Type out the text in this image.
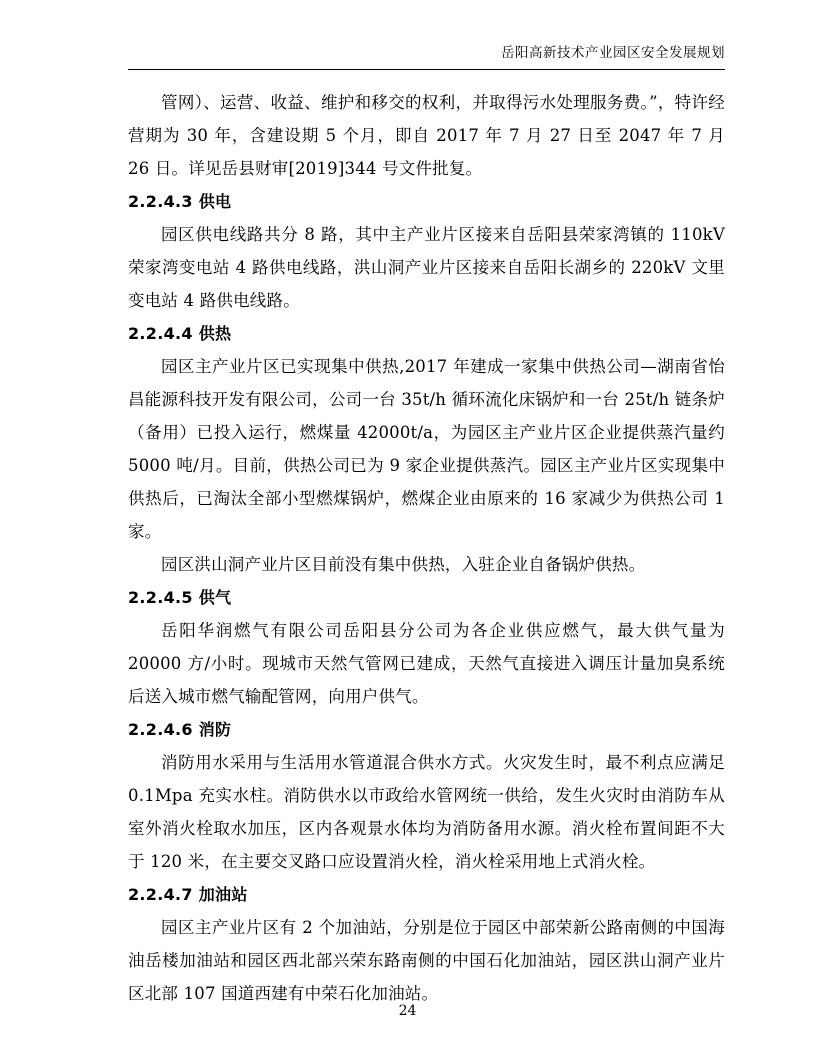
岳阳高新技术产业园区安全发展规划

管网）、运营、收益、维护和移交的权利，并取得污水处理服务费。”，特许经营期为 30 年，含建设期 5 个月，即自 2017 年 7 月 27 日至 2047 年 7 月 26 日。详见岳县财审[2019]344 号文件批复。

2.2.4.3 供电

园区供电线路共分 8 路，其中主产业片区接来自岳阳县荣家湾镇的 110kV 荣家湾变电站 4 路供电线路，洪山洞产业片区接来自岳阳长湖乡的 220kV 文里变电站 4 路供电线路。

2.2.4.4 供热

园区主产业片区已实现集中供热,2017 年建成一家集中供热公司—湖南省怡昌能源科技开发有限公司，公司一台 35t/h 循环流化床锅炉和一台 25t/h 链条炉（备用）已投入运行，燃煤量 42000t/a，为园区主产业片区企业提供蒸汽量约 5000 吨/月。目前，供热公司已为 9 家企业提供蒸汽。园区主产业片区实现集中供热后，已淘汰全部小型燃煤锅炉，燃煤企业由原来的 16 家减少为供热公司 1 家。

园区洪山洞产业片区目前没有集中供热，入驻企业自备锅炉供热。

2.2.4.5 供气

岳阳华润燃气有限公司岳阳县分公司为各企业供应燃气，最大供气量为 20000 方/小时。现城市天然气管网已建成，天然气直接进入调压计量加臭系统后送入城市燃气输配管网，向用户供气。

2.2.4.6 消防

消防用水采用与生活用水管道混合供水方式。火灾发生时，最不利点应满足 0.1Mpa 充实水柱。消防供水以市政给水管网统一供给，发生火灾时由消防车从室外消火栓取水加压，区内各观景水体均为消防备用水源。消火栓布置间距不大于 120 米，在主要交叉路口应设置消火栓，消火栓采用地上式消火栓。

2.2.4.7 加油站

园区主产业片区有 2 个加油站，分别是位于园区中部荣新公路南侧的中国海油岳楼加油站和园区西北部兴荣东路南侧的中国石化加油站，园区洪山洞产业片区北部 107 国道西建有中荣石化加油站。

24
